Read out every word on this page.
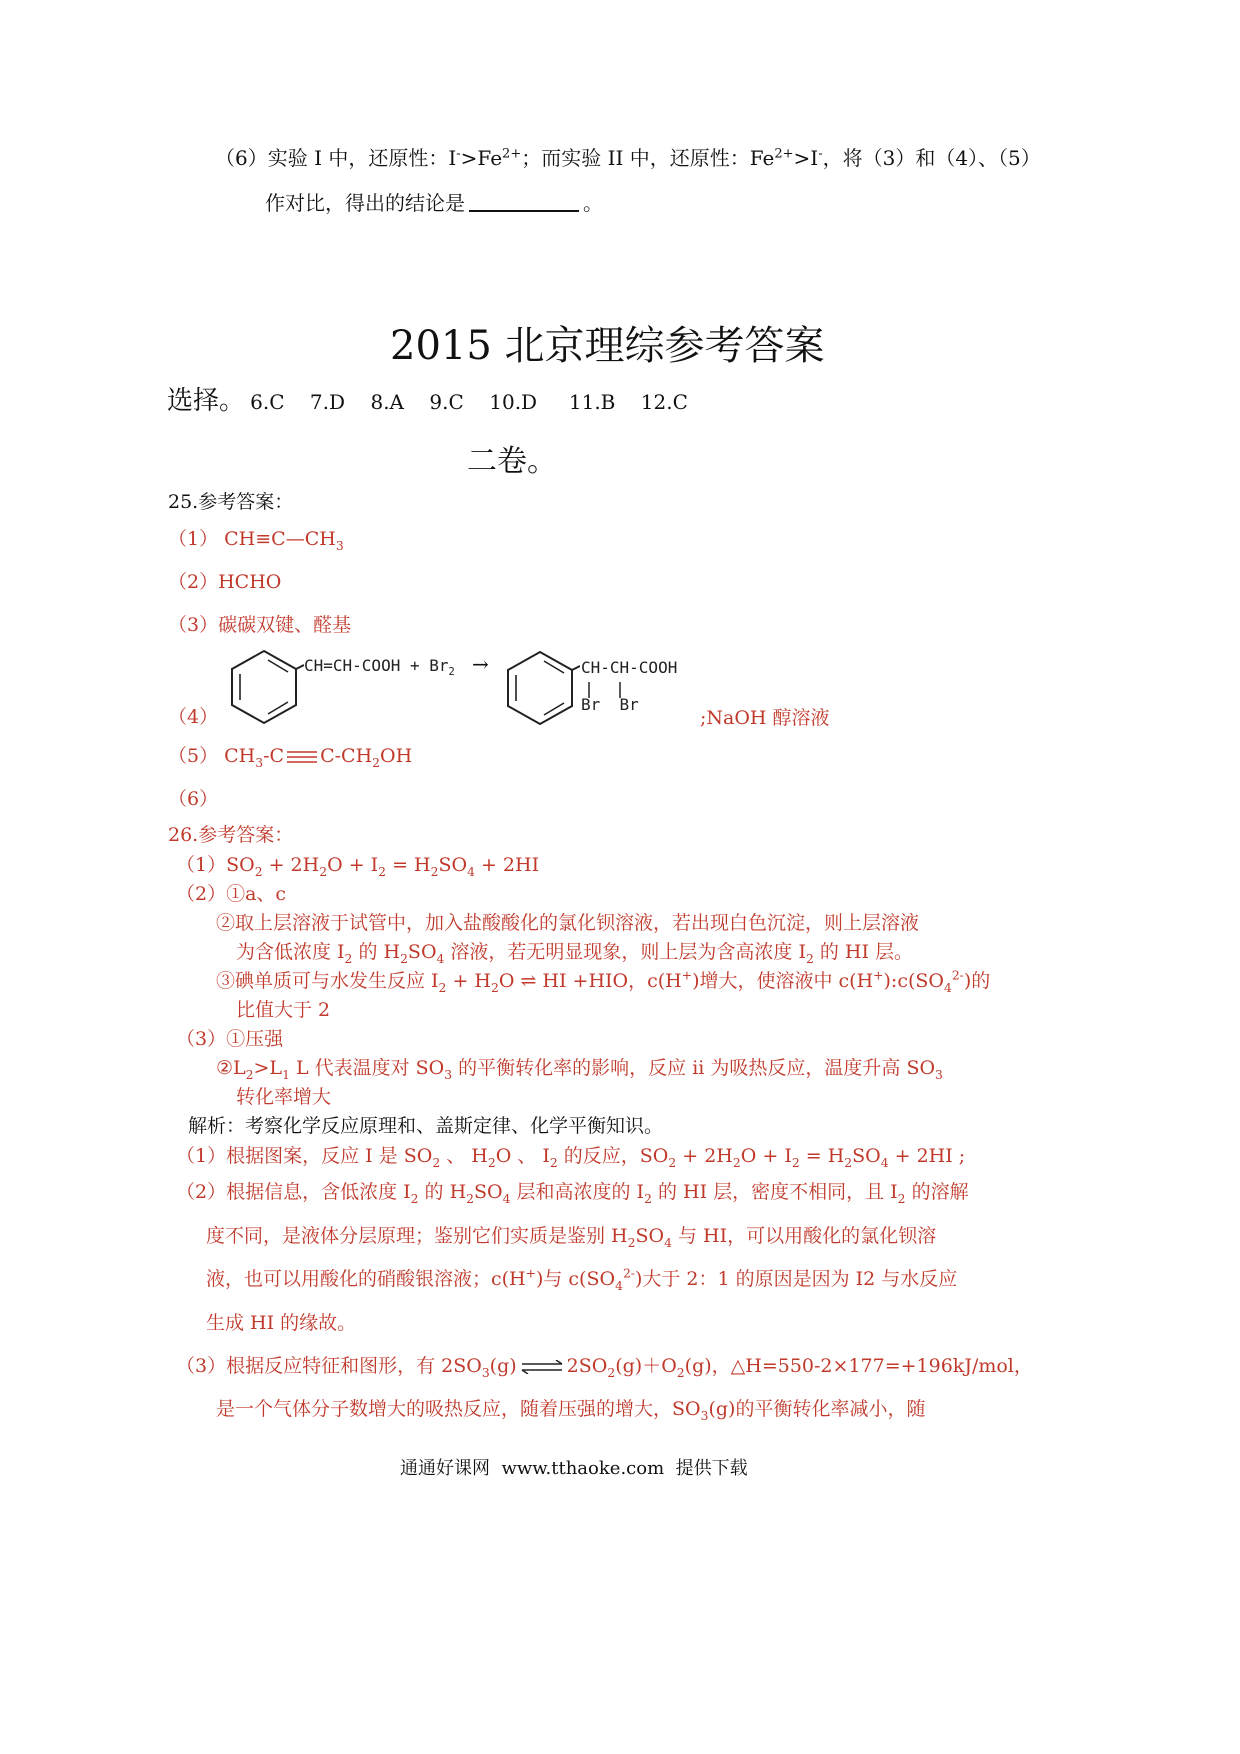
（6）实验 I 中，还原性：$I^->Fe^{2+}$；而实验 II 中，还原性：$Fe^{2+}>I^-$，将（3）和（4）、（5）
作对比，得出的结论是	。
2015 北京理综参考答案
选择。 6.C    7.D    8.A    9.C    10.D     11.B    12.C
二卷。
25.参考答案：
（1） $CH\equiv C—CH_3$
（2）HCHO
（3）碳碳双键、醛基
（4）
CH=CH-COOH + $Br_2$ →	CH-CH-COOH
Br  Br
;NaOH 醇溶液
（5） $CH_3-C$ $C-CH_2OH$
（6）
26.参考答案：
$(1)SO_2 + 2H_2O + I_2 = H_2SO_4 + 2HI$
（2）①a、c
②取上层溶液于试管中，加入盐酸酸化的氯化钡溶液，若出现白色沉淀，则上层溶液
为含低浓度 $I_2$ 的 $H_2SO_4$ 溶液，若无明显现象，则上层为含高浓度 $I_2$ 的 HI 层。
③碘单质可与水发生反应 $I_2 + H_2O$ ⇌ HI +HIO，c(H+)增大，使溶液中 $c(H^+):c(SO_4^{2-})$的
比值大于 2
（3）①压强
$②L_2>L_1$ L 代表温度对 $SO_3$ 的平衡转化率的影响，反应 ii 为吸热反应，温度升高 $SO_3$
转化率增大
解析：考察化学反应原理和、盖斯定律、化学平衡知识。
（1）根据图案，反应 I 是 $SO_2$ 、 $H_2O$ 、 $I_2$ 的反应，$SO_2 + 2H_2O + I_2 = H_2SO_4 + 2HI$ ;
（2）根据信息，含低浓度 $I_2$ 的 $H_2SO_4$ 层和高浓度的 $I_2$ 的 HI 层，密度不相同，且 $I_2$ 的溶解
度不同，是液体分层原理；鉴别它们实质是鉴别 $H_2SO_4$ 与 HI，可以用酸化的氯化钡溶
液，也可以用酸化的硝酸银溶液；c(H+)与 $c(SO_4^{2-})$大于 2：1 的原因是因为 I2 与水反应
生成 HI 的缘故。
（3）根据反应特征和图形，有 $2SO_3(g)$ ⇌ $2SO_2(g)+O_2(g)$，△H=550-2×177=+196kJ/mol，
是一个气体分子数增大的吸热反应，随着压强的增大，$SO_3(g)$的平衡转化率减小，随
通通好课网  www.tthaoke.com  提供下载
